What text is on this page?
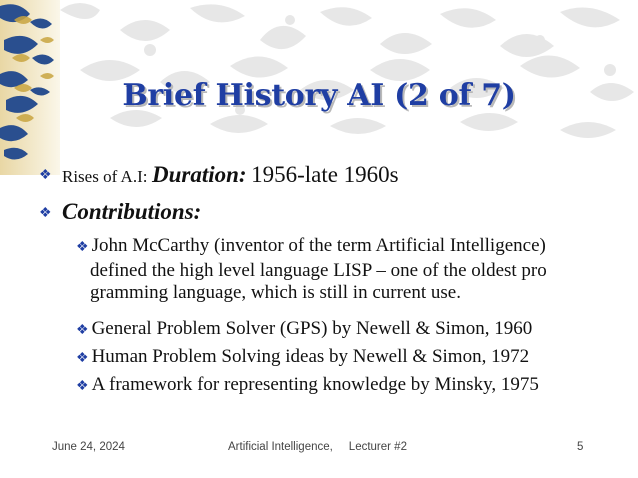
Brief History AI (2 of 7)
❖ Rises of A.I: Duration: 1956-late 1960s
❖ Contributions:
❖ John McCarthy (inventor of the term Artificial Intelligence)
defined the high level language LISP – one of the oldest pro
gramming language, which is still in current use.
❖ General Problem Solver (GPS) by Newell & Simon, 1960
❖ Human Problem Solving ideas by Newell & Simon, 1972
❖ A framework for representing knowledge by Minsky, 1975
June 24, 2024	Artificial Intelligence,     Lecturer #2	5
